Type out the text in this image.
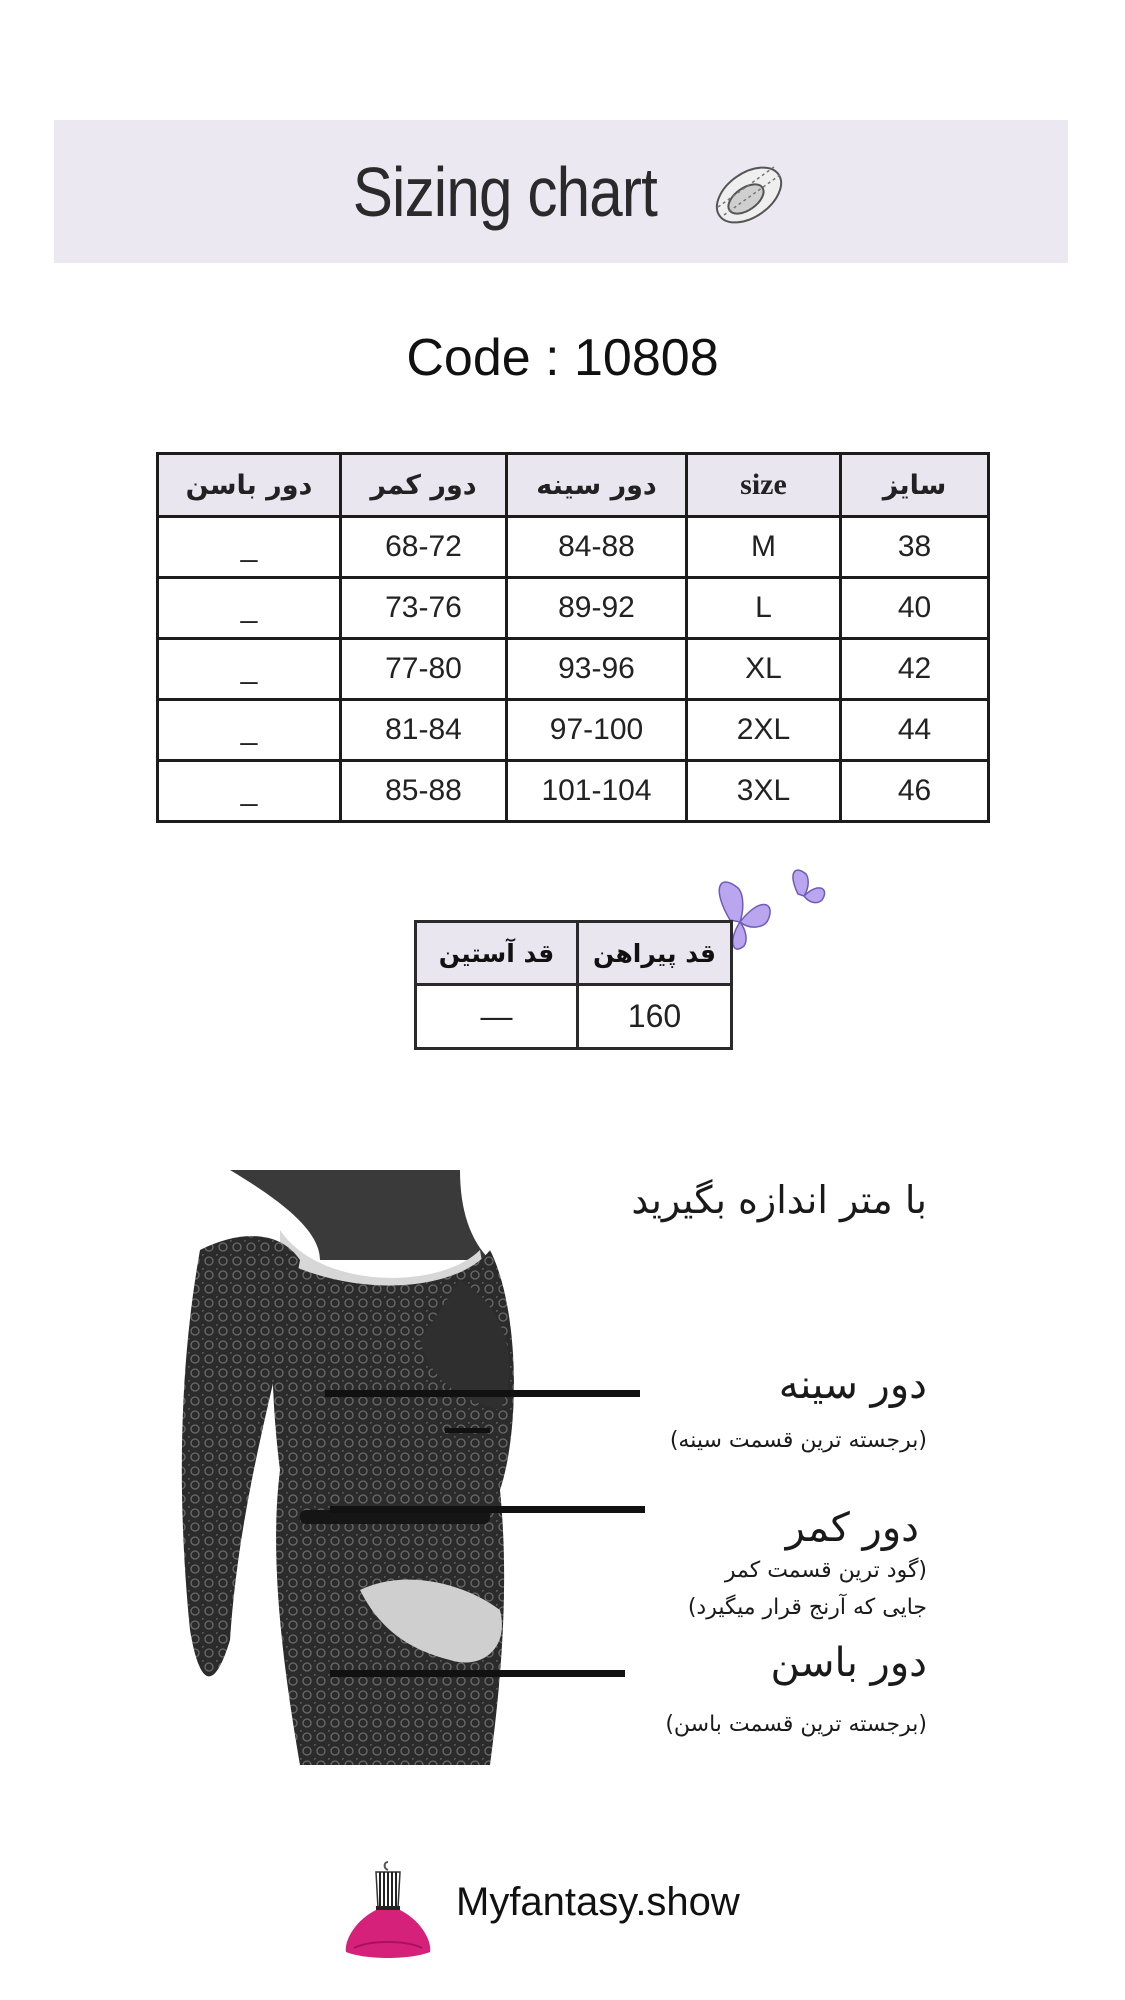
Sizing chart
Code : 10808
سایز	size	دور سینه	دور کمر	دور باسن
38	M	84-88	68-72	_
40	L	89-92	73-76	_
42	XL	93-96	77-80	_
44	2XL	97-100	81-84	_
46	3XL	101-104	85-88	_
قد پیراهن	قد آستین
160	—
با متر اندازه بگیرید
دور سینه
(برجسته ترین قسمت سینه)
دور کمر
(گود ترین قسمت کمر
جایی که آرنج قرار میگیرد)
دور باسن
(برجسته ترین قسمت باسن)
Myfantasy.show
